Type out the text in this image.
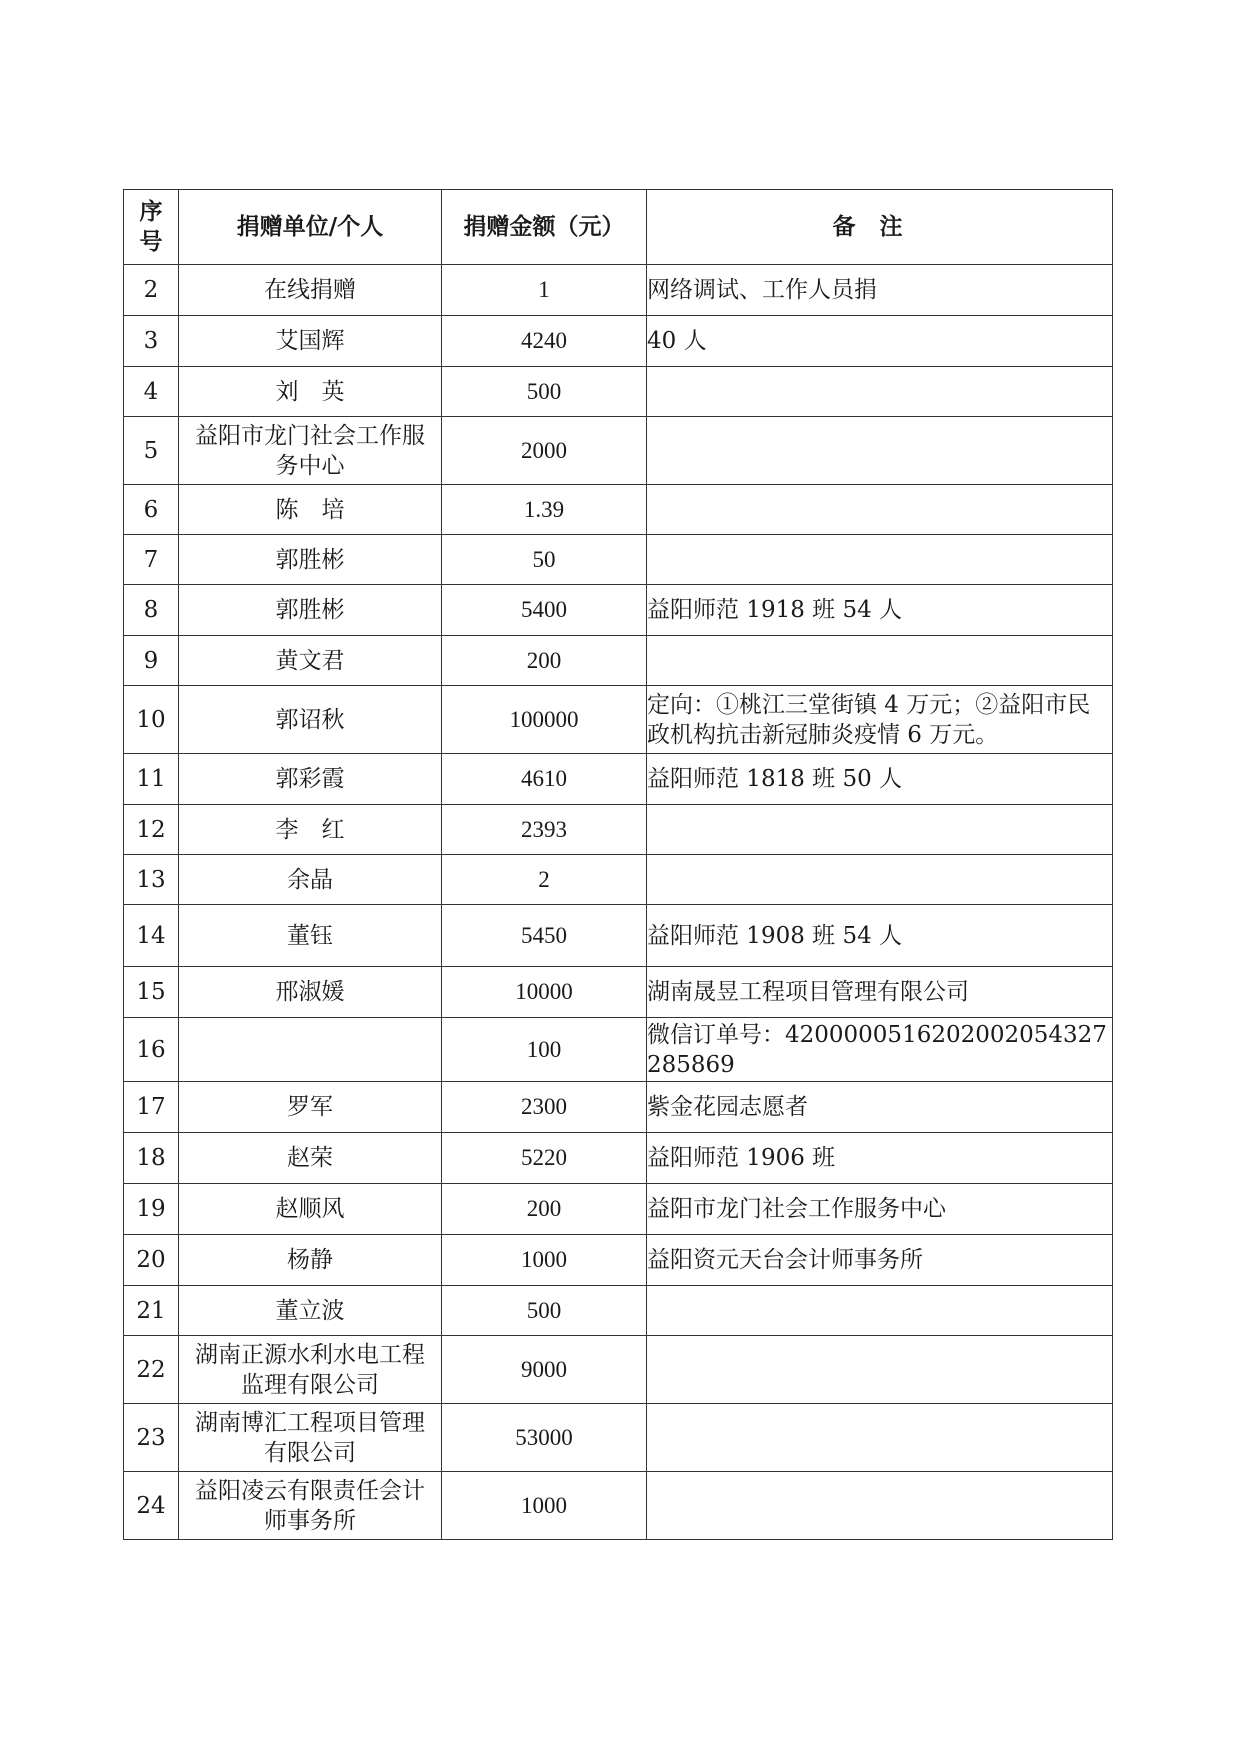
序号	捐赠单位/个人	捐赠金额（元）	备注
2	在线捐赠	1	网络调试、工作人员捐
3	艾国辉	4240	40 人
4	刘　英	500	
5	益阳市龙门社会工作服务中心	2000	
6	陈　培	1.39	
7	郭胜彬	50	
8	郭胜彬	5400	益阳师范 1918 班 54 人
9	黄文君	200	
10	郭诏秋	100000	定向：①桃江三堂街镇 4 万元；②益阳市民政机构抗击新冠肺炎疫情 6 万元。
11	郭彩霞	4610	益阳师范 1818 班 50 人
12	李　红	2393	
13	余晶	2	
14	董钰	5450	益阳师范 1908 班 54 人
15	邢淑媛	10000	湖南晟昱工程项目管理有限公司
16		100	微信订单号：4200000516202002054327285869
17	罗军	2300	紫金花园志愿者
18	赵荣	5220	益阳师范 1906 班
19	赵顺风	200	益阳市龙门社会工作服务中心
20	杨静	1000	益阳资元天台会计师事务所
21	董立波	500	
22	湖南正源水利水电工程监理有限公司	9000	
23	湖南博汇工程项目管理有限公司	53000	
24	益阳凌云有限责任会计师事务所	1000	
